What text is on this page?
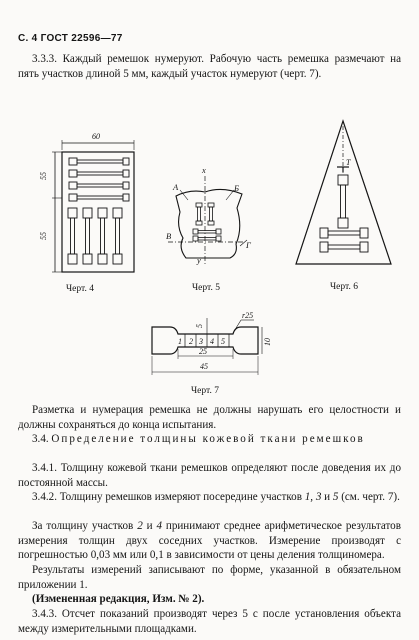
С. 4 ГОСТ 22596—77
3.3.3. Каждый ремешок нумеруют. Рабочую часть ремешка размечают на пять участков длиной 5 мм, каждый участок нумеруют (черт. 7).
60
55
55
x
y
А	Б
В
Г
Т
1 2 3 4 5
r25
5
10
25
45
Черт. 4	Черт. 5	Черт. 6
Черт. 7
Разметка и нумерация ремешка не должны нарушать его целостности и должны сохраняться до конца испытания.
3.4. Определение толщины кожевой ткани ремешков
3.4.1. Толщину кожевой ткани ремешков определяют после доведения их до постоянной массы.
3.4.2. Толщину ремешков измеряют посередине участков 1, 3 и 5 (см. черт. 7).
За толщину участков 2 и 4 принимают среднее арифметическое результатов измерения толщин двух соседних участков. Измерение производят с погрешностью 0,03 мм или 0,1 в зависимости от цены деления толщиномера.
Результаты измерений записывают по форме, указанной в обязательном приложении 1.
(Измененная редакция, Изм. № 2).
3.4.3. Отсчет показаний производят через 5 с после установления объекта между измерительными площадками.
